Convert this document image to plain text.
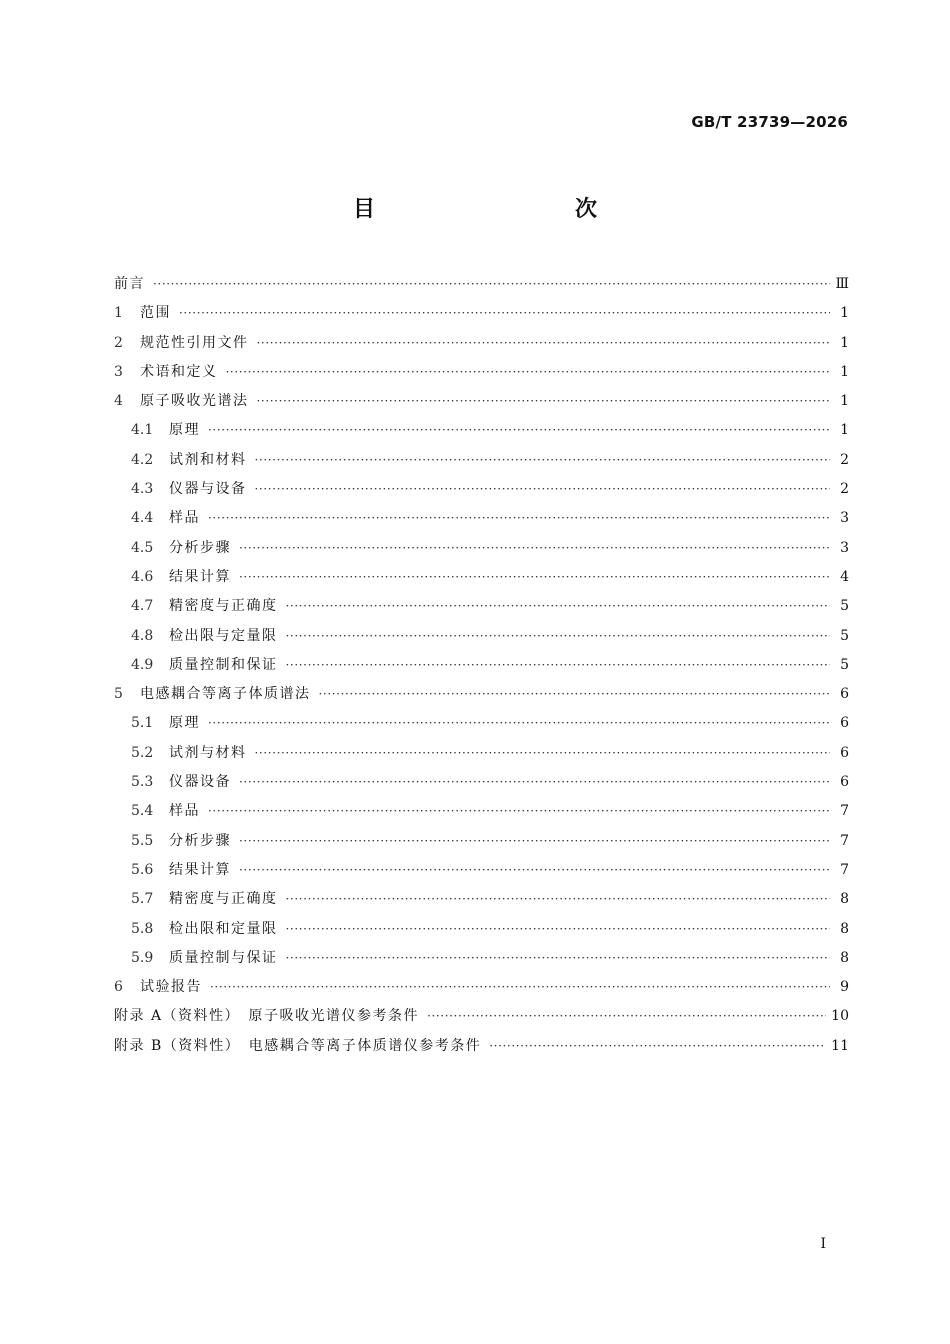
GB/T 23739—2026
目　　次
前言 ·····	Ⅲ
1	范围 ·····	1
2	规范性引用文件 ·····	1
3	术语和定义 ·····	1
4	原子吸收光谱法 ·····	1
4.1	原理 ·····	1
4.2	试剂和材料 ·····	2
4.3	仪器与设备 ·····	2
4.4	样品 ·····	3
4.5	分析步骤 ·····	3
4.6	结果计算 ·····	4
4.7	精密度与正确度 ·····	5
4.8	检出限与定量限 ·····	5
4.9	质量控制和保证 ·····	5
5	电感耦合等离子体质谱法 ·····	6
5.1	原理 ·····	6
5.2	试剂与材料 ·····	6
5.3	仪器设备 ·····	6
5.4	样品 ·····	7
5.5	分析步骤 ·····	7
5.6	结果计算 ·····	7
5.7	精密度与正确度 ·····	8
5.8	检出限和定量限 ·····	8
5.9	质量控制与保证 ·····	8
6	试验报告 ·····	9
附录 A（资料性）　原子吸收光谱仪参考条件 ·····	10
附录 B（资料性）　电感耦合等离子体质谱仪参考条件 ·····	11
I
